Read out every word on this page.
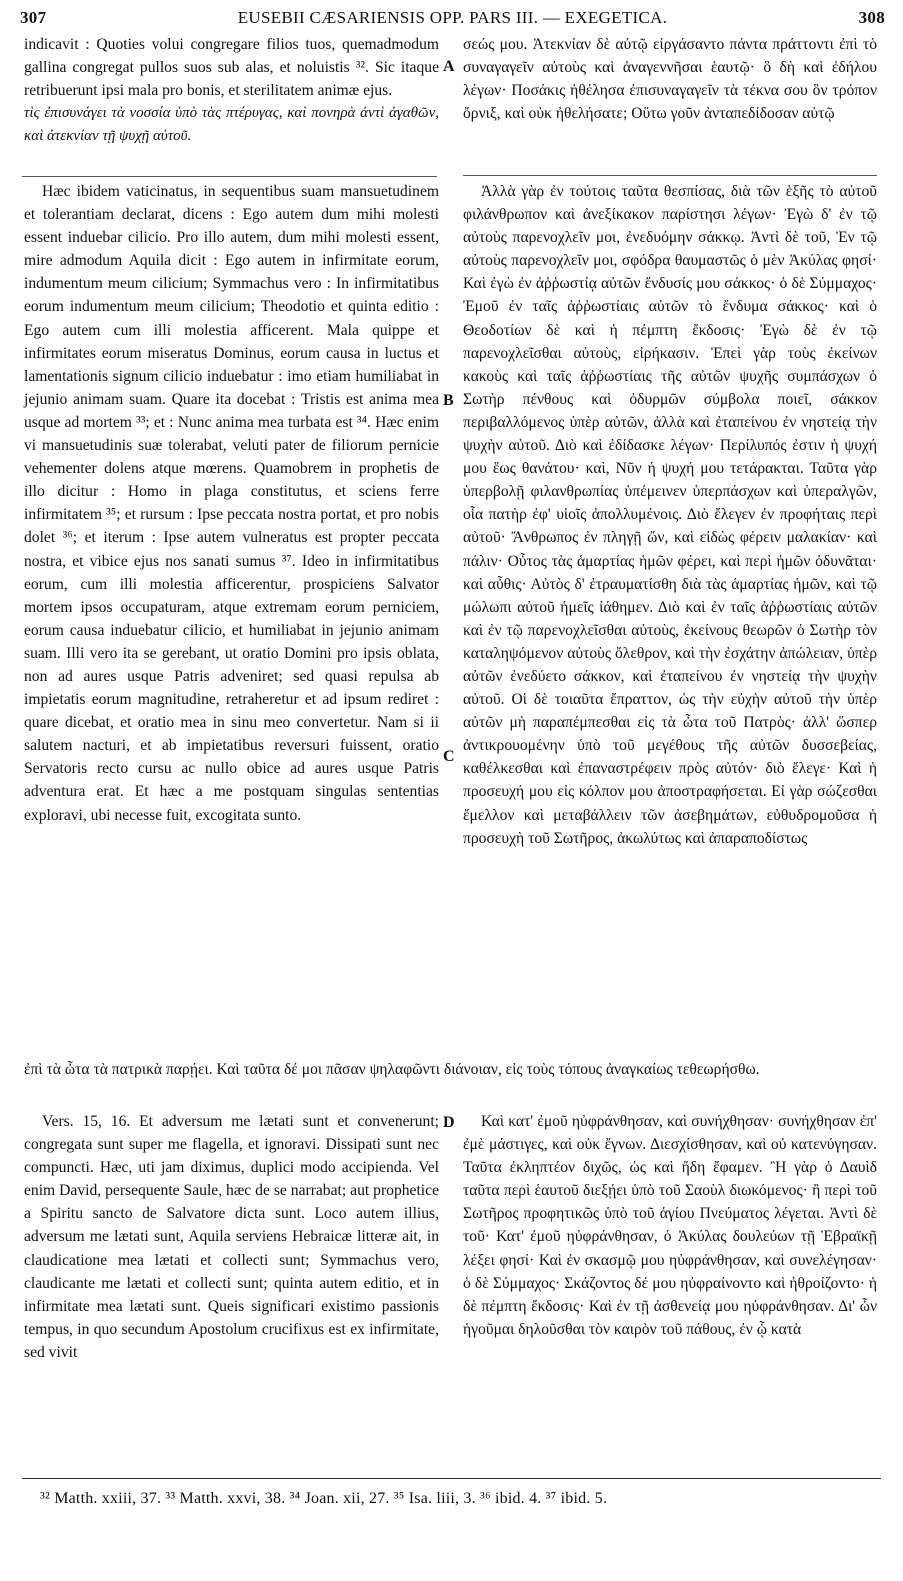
307	EUSEBII CÆSARIENSIS OPP. PARS III. — EXEGETICA.	308

indicavit : Quoties volui congregare filios tuos, quemadmodum gallina congregat pullos suos sub alas, et noluistis ³². Sic itaque retribuerunt ipsi mala pro bonis, et sterilitatem animæ ejus.

τὶς ἐπισυνάγει τὰ νοσσία ὑπὸ τὰς πτέρυγας, καὶ πονηρὰ ἀντὶ ἀγαθῶν, καὶ ἀτεκνίαν τῇ ψυχῇ αὐτοῦ.

Hæc ibidem vaticinatus, in sequentibus suam mansuetudinem et tolerantiam declarat, dicens : Ego autem dum mihi molesti essent induebar cilicio. Pro illo autem, dum mihi molesti essent, mire admodum Aquila dicit : Ego autem in infirmitate eorum, indumentum meum cilicium; Symmachus vero : In infirmitatibus eorum indumentum meum cilicium; Theodotio et quinta editio : Ego autem cum illi molestia afficerent. Mala quippe et infirmitates eorum miseratus Dominus, eorum causa in luctus et lamentationis signum cilicio induebatur : imo etiam humiliabat in jejunio animam suam. Quare ita docebat : Tristis est anima mea usque ad mortem ³³; et : Nunc anima mea turbata est ³⁴. Hæc enim vi mansuetudinis suæ tolerabat, veluti pater de filiorum pernicie vehementer dolens atque mœrens. Quamobrem in prophetis de illo dicitur : Homo in plaga constitutus, et sciens ferre infirmitatem ³⁵; et rursum : Ipse peccata nostra portat, et pro nobis dolet ³⁶; et iterum : Ipse autem vulneratus est propter peccata nostra, et vibice ejus nos sanati sumus ³⁷. Ideo in infirmitatibus eorum, cum illi molestia afficerentur, prospiciens Salvator mortem ipsos occupaturam, atque extremam eorum perniciem, eorum causa induebatur cilicio, et humiliabat in jejunio animam suam. Illi vero ita se gerebant, ut oratio Domini pro ipsis oblata, non ad aures usque Patris adveniret; sed quasi repulsa ab impietatis eorum magnitudine, retraheretur et ad ipsum rediret : quare dicebat, et oratio mea in sinu meo convertetur. Nam si ii salutem nacturi, et ab impietatibus reversuri fuissent, oratio Servatoris recto cursu ac nullo obice ad aures usque Patris adventura erat. Et hæc a me postquam singulas sententias exploravi, ubi necesse fuit, excogitata sunto.

σεώς μου. Ἀτεκνίαν δὲ αὐτῷ εἰργάσαντο πάντα πράττοντι ἐπὶ τὸ συναγαγεῖν αὐτοὺς καὶ ἀναγεννῆσαι ἑαυτῷ· ὃ δὴ καὶ ἐδήλου λέγων· Ποσάκις ἠθέλησα ἐπισυναγαγεῖν τὰ τέκνα σου ὃν τρόπον ὄρνιξ, καὶ οὐκ ἠθελήσατε; Οὕτω γοῦν ἀνταπεδίδοσαν αὐτῷ

Ἀλλὰ γὰρ ἐν τούτοις ταῦτα θεσπίσας, διὰ τῶν ἑξῆς τὸ αὐτοῦ φιλάνθρωπον καὶ ἀνεξίκακον παρίστησι λέγων· Ἐγὼ δ' ἐν τῷ αὐτοὺς παρενοχλεῖν μοι, ἐνεδυόμην σάκκῳ. Ἀντὶ δὲ τοῦ, Ἐν τῷ αὐτοὺς παρενοχλεῖν μοι, σφόδρα θαυμαστῶς ὁ μὲν Ἀκύλας φησί· Καὶ ἐγὼ ἐν ἀῤῥωστίᾳ αὐτῶν ἔνδυσίς μου σάκκος· ὁ δὲ Σύμμαχος· Ἐμοῦ ἐν ταῖς ἀῤῥωστίαις αὐτῶν τὸ ἔνδυμα σάκκος· καὶ ὁ Θεοδοτίων δὲ καὶ ἡ πέμπτη ἔκδοσις· Ἐγὼ δὲ ἐν τῷ παρενοχλεῖσθαι αὐτοὺς, εἰρήκασιν. Ἐπεὶ γὰρ τοὺς ἐκείνων κακοὺς καὶ ταῖς ἀῤῥωστίαις τῆς αὐτῶν ψυχῆς συμπάσχων ὁ Σωτὴρ πένθους καὶ ὀδυρμῶν σύμβολα ποιεῖ, σάκκον περιβαλλόμενος ὑπὲρ αὐτῶν, ἀλλὰ καὶ ἐταπείνου ἐν νηστείᾳ τὴν ψυχὴν αὐτοῦ. Διὸ καὶ ἐδίδασκε λέγων· Περίλυπός ἐστιν ἡ ψυχή μου ἕως θανάτου· καὶ, Νῦν ἡ ψυχή μου τετάρακται. Ταῦτα γὰρ ὑπερβολῇ φιλανθρωπίας ὑπέμεινεν ὑπερπάσχων καὶ ὑπεραλγῶν, οἷα πατὴρ ἐφ' υἱοῖς ἀπολλυμένοις. Διὸ ἔλεγεν ἐν προφήταις περὶ αὐτοῦ· Ἄνθρωπος ἐν πληγῇ ὤν, καὶ εἰδὼς φέρειν μαλακίαν· καὶ πάλιν· Οὗτος τὰς ἁμαρτίας ἡμῶν φέρει, καὶ περὶ ἡμῶν ὀδυνᾶται· καὶ αὖθις· Αὐτὸς δ' ἐτραυματίσθη διὰ τὰς ἁμαρτίας ἡμῶν, καὶ τῷ μώλωπι αὐτοῦ ἡμεῖς ἰάθημεν. Διὸ καὶ ἐν ταῖς ἀῤῥωστίαις αὐτῶν καὶ ἐν τῷ παρενοχλεῖσθαι αὐτοὺς, ἐκείνους θεωρῶν ὁ Σωτὴρ τὸν καταληψόμενον αὐτοὺς ὄλεθρον, καὶ τὴν ἐσχάτην ἀπώλειαν, ὑπὲρ αὐτῶν ἐνεδύετο σάκκον, καὶ ἐταπείνου ἐν νηστείᾳ τὴν ψυχὴν αὐτοῦ. Οἱ δὲ τοιαῦτα ἔπραττον, ὡς τὴν εὐχὴν αὐτοῦ τὴν ὑπὲρ αὐτῶν μὴ παραπέμπεσθαι εἰς τὰ ὦτα τοῦ Πατρὸς· ἀλλ' ὥσπερ ἀντικρουομένην ὑπὸ τοῦ μεγέθους τῆς αὐτῶν δυσσεβείας, καθέλκεσθαι καὶ ἐπαναστρέφειν πρὸς αὐτόν· διὸ ἔλεγε· Καὶ ἡ προσευχή μου εἰς κόλπον μου ἀποστραφήσεται. Εἰ γὰρ σώζεσθαι ἔμελλον καὶ μεταβάλλειν τῶν ἀσεβημάτων, εὐθυδρομοῦσα ἡ προσευχὴ τοῦ Σωτῆρος, ἀκωλύτως καὶ ἀπαραποδίστως

A
B
C
D
ἐπὶ τὰ ὦτα τὰ πατρικὰ παρῄει. Καὶ ταῦτα δέ μοι πᾶσαν ψηλαφῶντι διάνοιαν, εἰς τοὺς τόπους ἀναγκαίως τεθεωρήσθω.

Vers. 15, 16. Et adversum me lætati sunt et convenerunt; congregata sunt super me flagella, et ignoravi. Dissipati sunt nec compuncti. Hæc, uti jam diximus, duplici modo accipienda. Vel enim David, persequente Saule, hæc de se narrabat; aut prophetice a Spiritu sancto de Salvatore dicta sunt. Loco autem illius, adversum me lætati sunt, Aquila serviens Hebraicæ litteræ ait, in claudicatione mea lætati et collecti sunt; Symmachus vero, claudicante me lætati et collecti sunt; quinta autem editio, et in infirmitate mea lætati sunt. Queis significari existimo passionis tempus, in quo secundum Apostolum crucifixus est ex infirmitate, sed vivit

Καὶ κατ' ἐμοῦ ηὐφράνθησαν, καὶ συνήχθησαν· συνήχθησαν ἐπ' ἐμὲ μάστιγες, καὶ οὐκ ἔγνων. Διεσχίσθησαν, καὶ οὐ κατενύγησαν. Ταῦτα ἐκληπτέον διχῶς, ὡς καὶ ἤδη ἔφαμεν. Ἢ γὰρ ὁ Δαυὶδ ταῦτα περὶ ἑαυτοῦ διεξῄει ὑπὸ τοῦ Σαοὺλ διωκόμενος· ἢ περὶ τοῦ Σωτῆρος προφητικῶς ὑπὸ τοῦ ἁγίου Πνεύματος λέγεται. Ἀντὶ δὲ τοῦ· Κατ' ἐμοῦ ηὐφράνθησαν, ὁ Ἀκύλας δουλεύων τῇ Ἑβραϊκῇ λέξει φησί· Καὶ ἐν σκασμῷ μου ηὐφράνθησαν, καὶ συνελέγησαν· ὁ δὲ Σύμμαχος· Σκάζοντος δέ μου ηὐφραίνοντο καὶ ἠθροίζοντο· ἡ δὲ πέμπτη ἔκδοσις· Καὶ ἐν τῇ ἀσθενείᾳ μου ηὐφράνθησαν. Δι' ὧν ἡγοῦμαι δηλοῦσθαι τὸν καιρὸν τοῦ πάθους, ἐν ᾧ κατὰ

³² Matth. xxiii, 37. ³³ Matth. xxvi, 38. ³⁴ Joan. xii, 27. ³⁵ Isa. liii, 3. ³⁶ ibid. 4. ³⁷ ibid. 5.
